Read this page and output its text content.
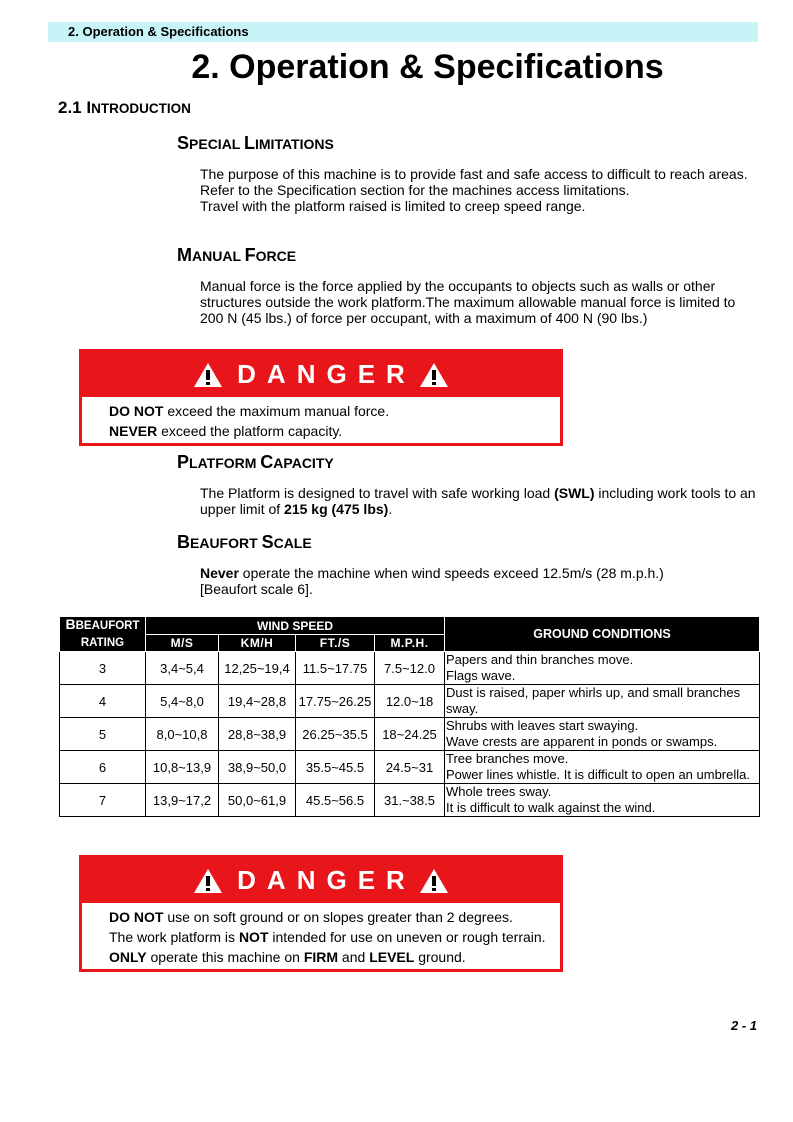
2. Operation & Specifications
2. Operation & Specifications
2.1 INTRODUCTION
SPECIAL LIMITATIONS

The purpose of this machine is to provide fast and safe access to difficult to reach areas.

Refer to the Specification section for the machines access limitations.

Travel with the platform raised is limited to creep speed range.

MANUAL FORCE
Manual force is the force applied by the occupants to objects such as walls or other structures outside the work platform.The maximum allowable manual force is limited to 200 N (45 lbs.) of force per occupant, with a maximum of 400 N (90 lbs.)
DANGER
DO NOT exceed the maximum manual force.
NEVER exceed the platform capacity.
PLATFORM CAPACITY
The Platform is designed to travel with safe working load (SWL) including work tools to an upper limit of 215 kg (475 lbs).
BEAUFORT SCALE

Never operate the machine when wind speeds exceed 12.5m/s (28 m.p.h.)

[Beaufort scale 6].

BBEAUFORT
RATING	WIND SPEED				GROUND CONDITIONS
	M/S	KM/H	FT./S	M.P.H.	
3	3,4~5,4	12,25~19,4	11.5~17.75	7.5~12.0	Papers and thin branches move.
Flags wave.

4	5,4~8,0	19,4~28,8	17.75~26.25	12.0~18	Dust is raised, paper whirls up, and small branches
sway.

5	8,0~10,8	28,8~38,9	26.25~35.5	18~24.25	Shrubs with leaves start swaying.
Wave crests are apparent in ponds or swamps.

6	10,8~13,9	38,9~50,0	35.5~45.5	24.5~31	Tree branches move.
Power lines whistle. It is difficult to open an umbrella.

7	13,9~17,2	50,0~61,9	45.5~56.5	31.~38.5	Whole trees sway.
It is difficult to walk against the wind.
DANGER
DO NOT use on soft ground or on slopes greater than 2 degrees.
The work platform is NOT intended for use on uneven or rough terrain.
ONLY operate this machine on FIRM and LEVEL ground.
2 - 1
